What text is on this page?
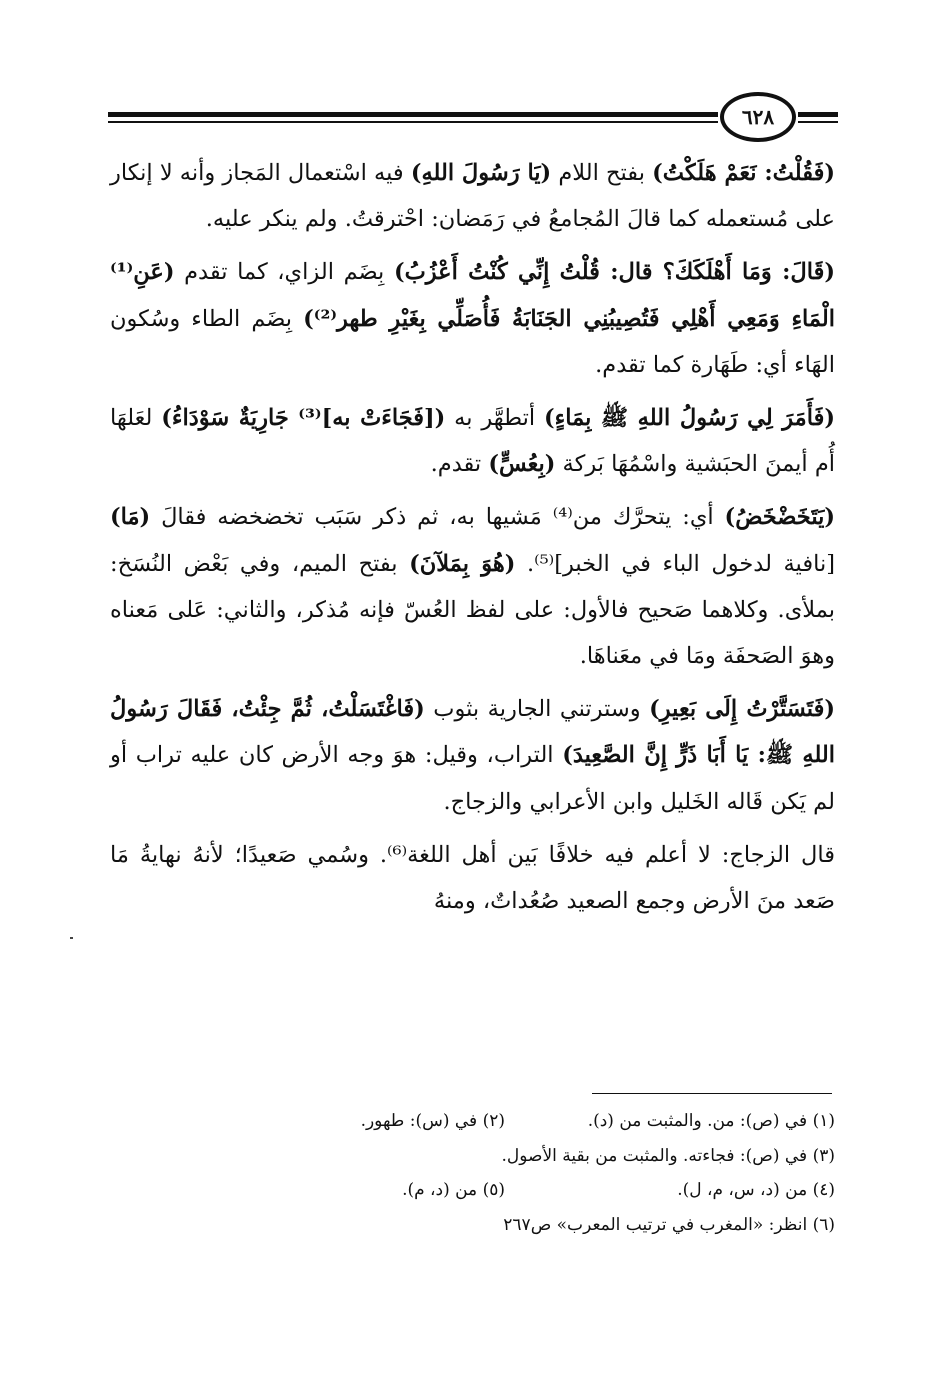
٦٢٨

(فَقُلْتُ: نَعَمْ هَلَكْتُ) بفتح اللام (يَا رَسُولَ اللهِ) فيه اسْتعمال المَجاز وأنه لا إنكار على مُستعمله كما قالَ المُجامعُ في رَمَضان: احْترقتُ. ولم ينكر عليه.

(قَالَ: وَمَا أَهْلَكَكَ؟ قال: قُلْتُ إِنِّي كُنْتُ أَعْزُبُ) بِضَم الزاي، كما تقدم (عَنِ⁽¹⁾ الْمَاءِ وَمَعِي أَهْلِي فَتُصِيبُنِي الجَنَابَةُ فَأُصَلِّي بِغَيْرِ طهر⁽²⁾) بِضَم الطاء وسُكون الهَاء أي: طَهَارة كما تقدم.

(فَأَمَرَ لِي رَسُولُ اللهِ ﷺ بِمَاءٍ) أتطهَّر به ([فَجَاءَتْ به]⁽³⁾ جَارِيَةٌ سَوْدَاءُ) لعَلهَا أُم أيمنَ الحبَشية واسْمُهَا بَركة (بِعُسٍّ) تقدم.

(يَتَخَضْخَضُ) أي: يتحرَّك من⁽⁴⁾ مَشيها به، ثم ذكر سَبَب تخضخضه فقالَ (مَا) [نافية لدخول الباء في الخبر]⁽⁵⁾. (هُوَ بِمَلآنَ) بفتح الميم، وفي بَعْض النُسَخ: بملأى. وكلاهما صَحيح فالأول: على لفظ العُسّ فإنه مُذكر، والثاني: عَلى مَعناه وهوَ الصَحفَة ومَا في معَناهَا.

(فَتَسَتَّرْتُ إِلَى بَعِيرِ) وسترتني الجارية بثوب (فَاغْتَسَلْتُ، ثُمَّ جِئْتُ، فَقَالَ رَسُولُ اللهِ ﷺ: يَا أَبَا ذَرٍّ إِنَّ الصَّعِيدَ) التراب، وقيل: هوَ وجه الأرض كان عليه تراب أو لم يَكن قَاله الخَليل وابن الأعرابي والزجاج.

قال الزجاج: لا أعلم فيه خلافًا بَين أهل اللغة⁽⁶⁾. وسُمي صَعيدًا؛ لأنهُ نهايةُ مَا صَعد منَ الأرض وجمع الصعيد صُعُداتٌ، ومنهُ

(١) في (ص): من. والمثبت من (د).
(٢) في (س): طهور.
(٣) في (ص): فجاءته. والمثبت من بقية الأصول.
(٤) من (د، س، م، ل).
(٥) من (د، م).
(٦) انظر: «المغرب في ترتيب المعرب» ص٢٦٧
